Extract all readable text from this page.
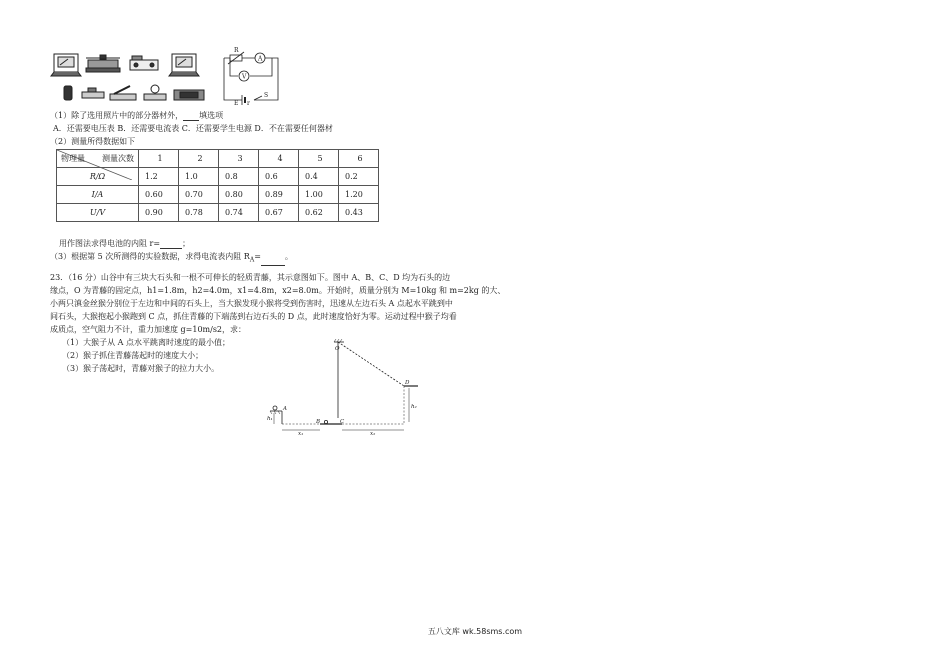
R
A
V
E r
S
（1）除了选用照片中的部分器材外， 填选项
A．还需要电压表 B．还需要电流表 C．还需要学生电源 D．不在需要任何器材
（2）测量所得数据如下
测量次数
物理量	1	2	3	4	5	6
R/Ω	1.2	1.0	0.8	0.6	0.4	0.2
I/A	0.60	0.70	0.80	0.89	1.00	1.20
U/V	0.90	0.78	0.74	0.67	0.62	0.43
用作图法求得电池的内阻 r=	；
（3）根据第 5 次所测得的实验数据，求得电流表内阻 $R_A=$	。
23．（16 分）山谷中有三块大石头和一根不可伸长的轻质青藤，其示意图如下。图中 A、B、C、D 均为石头的边
缘点，O 为青藤的固定点，h1=1.8m，h2=4.0m，x1=4.8m，x2=8.0m。开始时，质量分别为 M=10kg 和 m=2kg 的大、
小两只滇金丝猴分别位于左边和中间的石头上，当大猴发现小猴将受到伤害时，迅速从左边石头 A 点起水平跳到中
间石头，大猴抱起小猴跑到 C 点，抓住青藤的下端荡到右边石头的 D 点，此时速度恰好为零。运动过程中猴子均看
成质点，空气阻力不计，重力加速度 g=10m/s2，求：
（1）大猴子从 A 点水平跳离时速度的最小值；
（2）猴子抓住青藤荡起时的速度大小；
（3）猴子荡起时，青藤对猴子的拉力大小。
O
A
B	C
D
h₁
h₂
x₁	x₂
五八文库 wk.58sms.com
